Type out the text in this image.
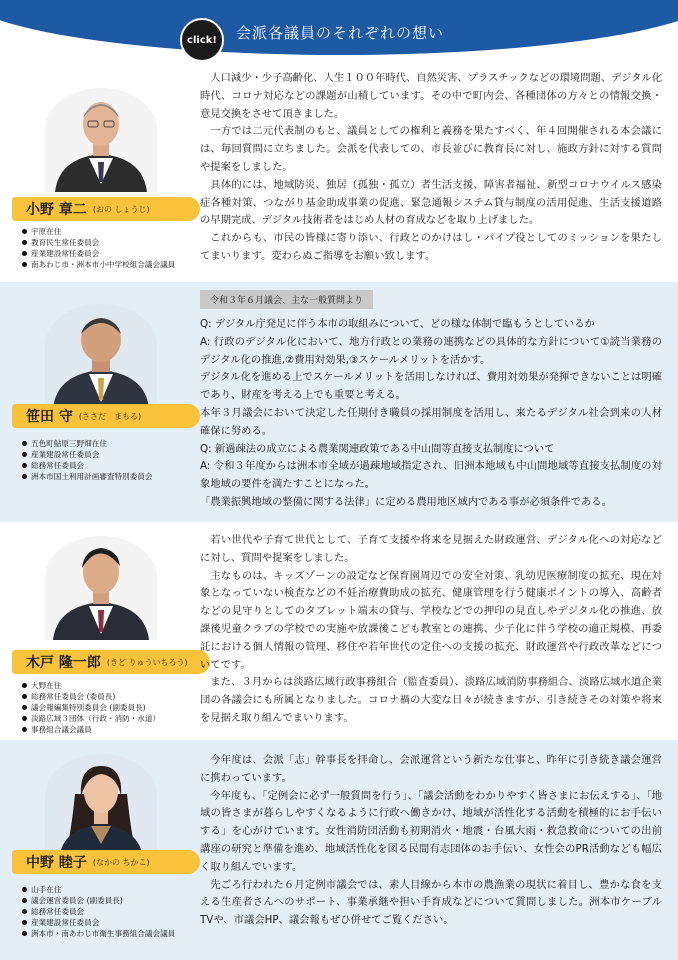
click!	会派各議員のそれぞれの想い
小野 章二 (おの しょうじ)
宇原在住
教育民生常任委員会
産業建設常任委員会
南あわじ市・洲本市小中学校組合議会議員

人口減少・少子高齢化、人生１００年時代、自然災害、プラスチックなどの環境問題、デジタル化時代、コロナ対応などの課題が山積しています。その中で町内会、各種団体の方々との情報交換・意見交換をさせて頂きました。

一方では二元代表制のもと、議員としての権利と義務を果たすべく、年４回開催される本会議には、毎回質問に立ちました。会派を代表しての、市長並びに教育長に対し、施政方針に対する質問や提案をしました。

具体的には、地域防災、独居（孤独・孤立）者生活支援、障害者福祉、新型コロナウイルス感染症各種対策、つながり基金助成事業の促進、緊急通報システム貸与制度の活用促進、生活支援道路の早期完成、デジタル技術者をはじめ人材の育成などを取り上げました。

これからも、市民の皆様に寄り添い、行政とのかけはし・パイプ役としてのミッションを果たしてまいります。変わらぬご指導をお願い致します。

笹田 守 (ささだ　まもる)
五色町鮎原三野畑在住
産業建設常任委員会
総務常任委員会
洲本市国土利用計画審査特別委員会
令和３年６月議会、主な一般質問より

Q: デジタル庁発足に伴う本市の取組みについて、どの様な体制で臨もうとしているか

A: 行政のデジタル化において、地方行政との業務の連携などの具体的な方針について①読当業務のデジタル化の推進,②費用対効果,③スケールメリットを活かす。

デジタル化を進める上でスケールメリットを活用しなければ、費用対効果が発揮できないことは明確であり、財産を考える上でも重要と考える。

本年３月議会において決定した任期付き職員の採用制度を活用し、来たるデジタル社会到来の人材確保に努める。

Q: 新過疎法の成立による農業関連政策である中山間等直接支払制度について

A: 令和３年度からは洲本市全域が過疎地域指定され、旧洲本地域も中山間地域等直接支払制度の対象地域の要件を満たすことになった。

「農業振興地域の整備に関する法律」に定める農用地区域内である事が必須条件である。

木戸 隆一郎 (きど りゅういちろう)
大野在住
総務常任委員会 (委員長)
議会報編集特別委員会 (副委員長)
淡路広域３団体（行政・消防・水道）
事務組合議会議員

若い世代や子育て世代として、子育て支援や将来を見据えた財政運営、デジタル化への対応などに対し、質問や提案をしました。

主なものは、キッズゾーンの設定など保育園周辺での安全対策、乳幼児医療制度の拡充、現在対象となっていない検査などの不妊治療費助成の拡充、健康管理を行う健康ポイントの導入、高齢者などの見守りとしてのタブレット端末の貸与、学校などでの押印の見直しやデジタル化の推進、放課後児童クラブの学校での実施や放課後こども教室との連携、少子化に伴う学校の適正規模、再委託における個人情報の管理、移住や若年世代の定住への支援の拡充、財政運営や行政改革などについてです。

また、３月からは淡路広域行政事務組合（監査委員）、淡路広域消防事務組合、淡路広域水道企業団の各議会にも所属となりました。コロナ禍の大変な日々が続きますが、引き続きその対策や将来を見据え取り組んでまいります。

中野 睦子 (なかの ちかこ)
山手在住
議会運営委員会 (副委員長)
総務常任委員会
産業建設常任委員会
洲本市・南あわじ市衛生事務組合議会議員

今年度は、会派「志」幹事長を拝命し、会派運営という新たな仕事と、昨年に引き続き議会運営に携わっています。

今年度も、「定例会に必ず一般質問を行う」、「議会活動をわかりやすく皆さまにお伝えする」、「地域の皆さまが暮らしやすくなるように行政へ働きかけ、地域が活性化する活動を積極的にお手伝いする」を心がけています。女性消防団活動も初期消火・地震・台風大雨・救急救命についての出前講座の研究と準備を進め、地域活性化を図る民間有志団体のお手伝い、女性会のPR活動なども幅広く取り組んでいます。

先ごろ行われた６月定例市議会では、素人目線から本市の農漁業の現状に着目し、豊かな食を支える生産者さんへのサポート、事業承継や担い手育成などについて質問しました。洲本市ケーブルTVや、市議会HP、議会報もぜひ併せてご覧ください。
